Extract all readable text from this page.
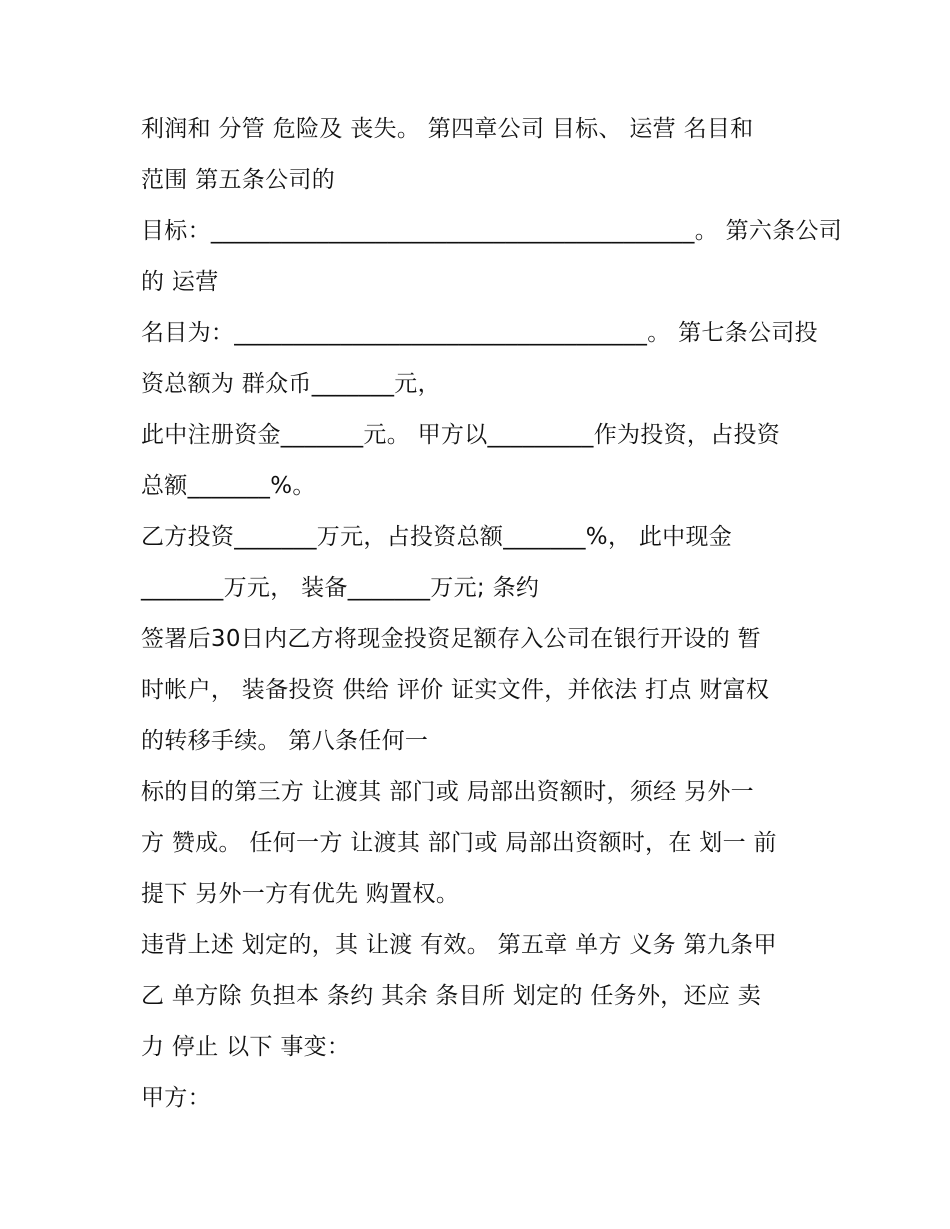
利润和 分管 危险及 丧失。 第四章公司 目标、 运营 名目和
范围 第五条公司的
目标：_________________________________________。 第六条公司
的 运营
名目为：___________________________________。 第七条公司投
资总额为 群众币_______元，
此中注册资金_______元。 甲方以_________作为投资，占投资
总额_______%。
乙方投资_______万元，占投资总额_______%， 此中现金
_______万元， 装备_______万元; 条约
签署后30日内乙方将现金投资足额存入公司在银行开设的 暂
时帐户， 装备投资 供给 评价 证实文件，并依法 打点 财富权
的转移手续。 第八条任何一
标的目的第三方 让渡其 部门或 局部出资额时，须经 另外一
方 赞成。 任何一方 让渡其 部门或 局部出资额时，在 划一 前
提下 另外一方有优先 购置权。
违背上述 划定的，其 让渡 有效。 第五章 单方 义务 第九条甲
乙 单方除 负担本 条约 其余 条目所 划定的 任务外，还应 卖
力 停止 以下 事变：
甲方：
